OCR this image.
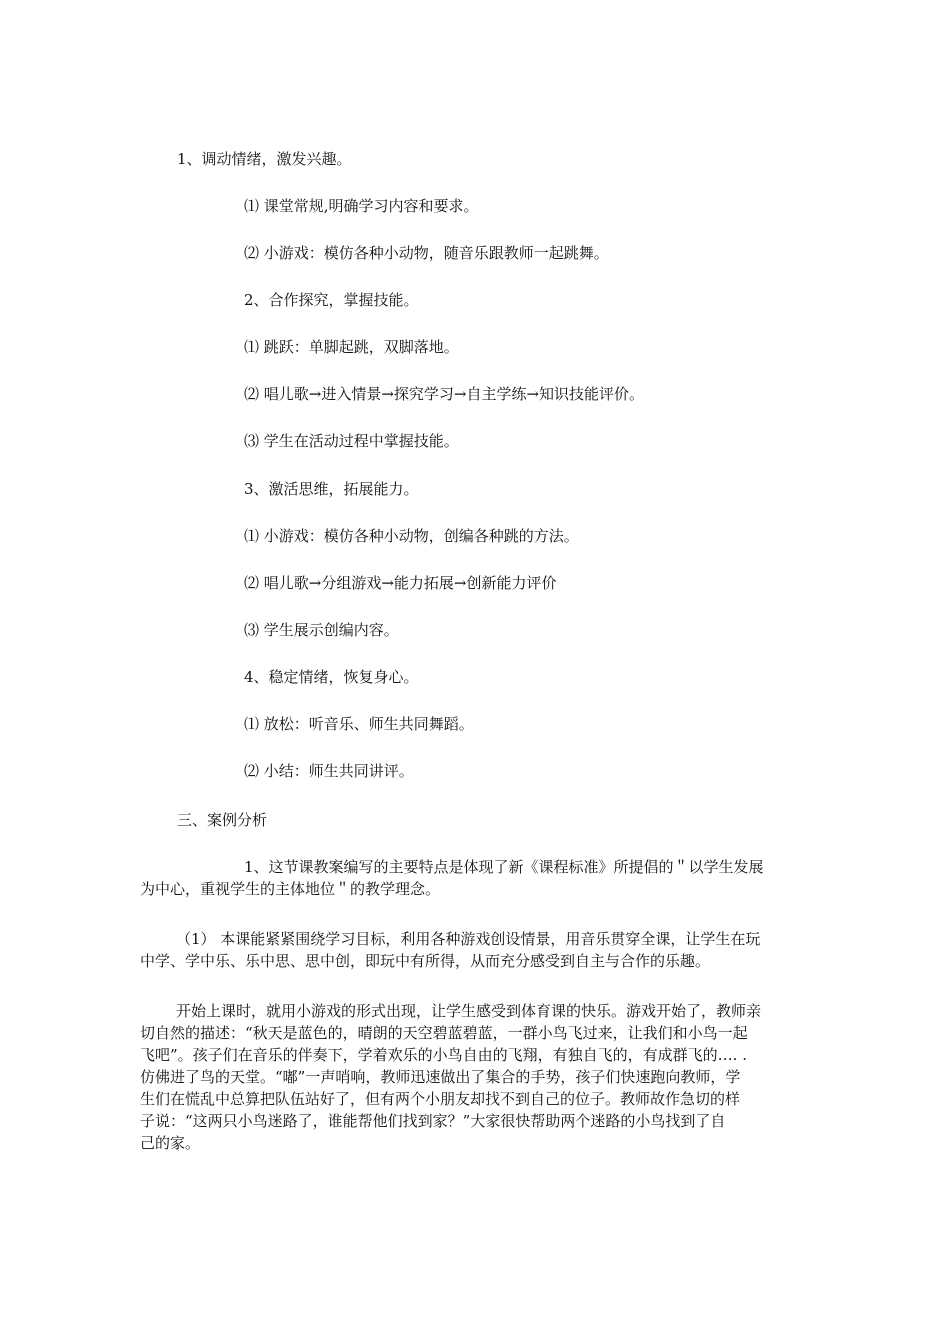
1、调动情绪，激发兴趣。
⑴ 课堂常规,明确学习内容和要求。
⑵ 小游戏：模仿各种小动物，随音乐跟教师一起跳舞。
2、合作探究，掌握技能。
⑴ 跳跃：单脚起跳，双脚落地。
⑵ 唱儿歌→进入情景→探究学习→自主学练→知识技能评价。
⑶ 学生在活动过程中掌握技能。
3、激活思维，拓展能力。
⑴ 小游戏：模仿各种小动物，创编各种跳的方法。
⑵ 唱儿歌→分组游戏→能力拓展→创新能力评价
⑶ 学生展示创编内容。
4、稳定情绪，恢复身心。
⑴ 放松：听音乐、师生共同舞蹈。
⑵ 小结：师生共同讲评。
三、案例分析
1、这节课教案编写的主要特点是体现了新《课程标准》所提倡的＂以学生发展
为中心，重视学生的主体地位＂的教学理念。
（1） 本课能紧紧围绕学习目标，利用各种游戏创设情景，用音乐贯穿全课，让学生在玩
中学、学中乐、乐中思、思中创，即玩中有所得，从而充分感受到自主与合作的乐趣。
开始上课时，就用小游戏的形式出现，让学生感受到体育课的快乐。游戏开始了，教师亲
切自然的描述：“秋天是蓝色的，晴朗的天空碧蓝碧蓝，一群小鸟飞过来，让我们和小鸟一起
飞吧”。孩子们在音乐的伴奏下，学着欢乐的小鸟自由的飞翔，有独自飞的，有成群飞的…. .
仿佛进了鸟的天堂。“嘟”一声哨响，教师迅速做出了集合的手势，孩子们快速跑向教师，学
生们在慌乱中总算把队伍站好了，但有两个小朋友却找不到自己的位子。教师故作急切的样
子说：“这两只小鸟迷路了，谁能帮他们找到家？”大家很快帮助两个迷路的小鸟找到了自
己的家。
